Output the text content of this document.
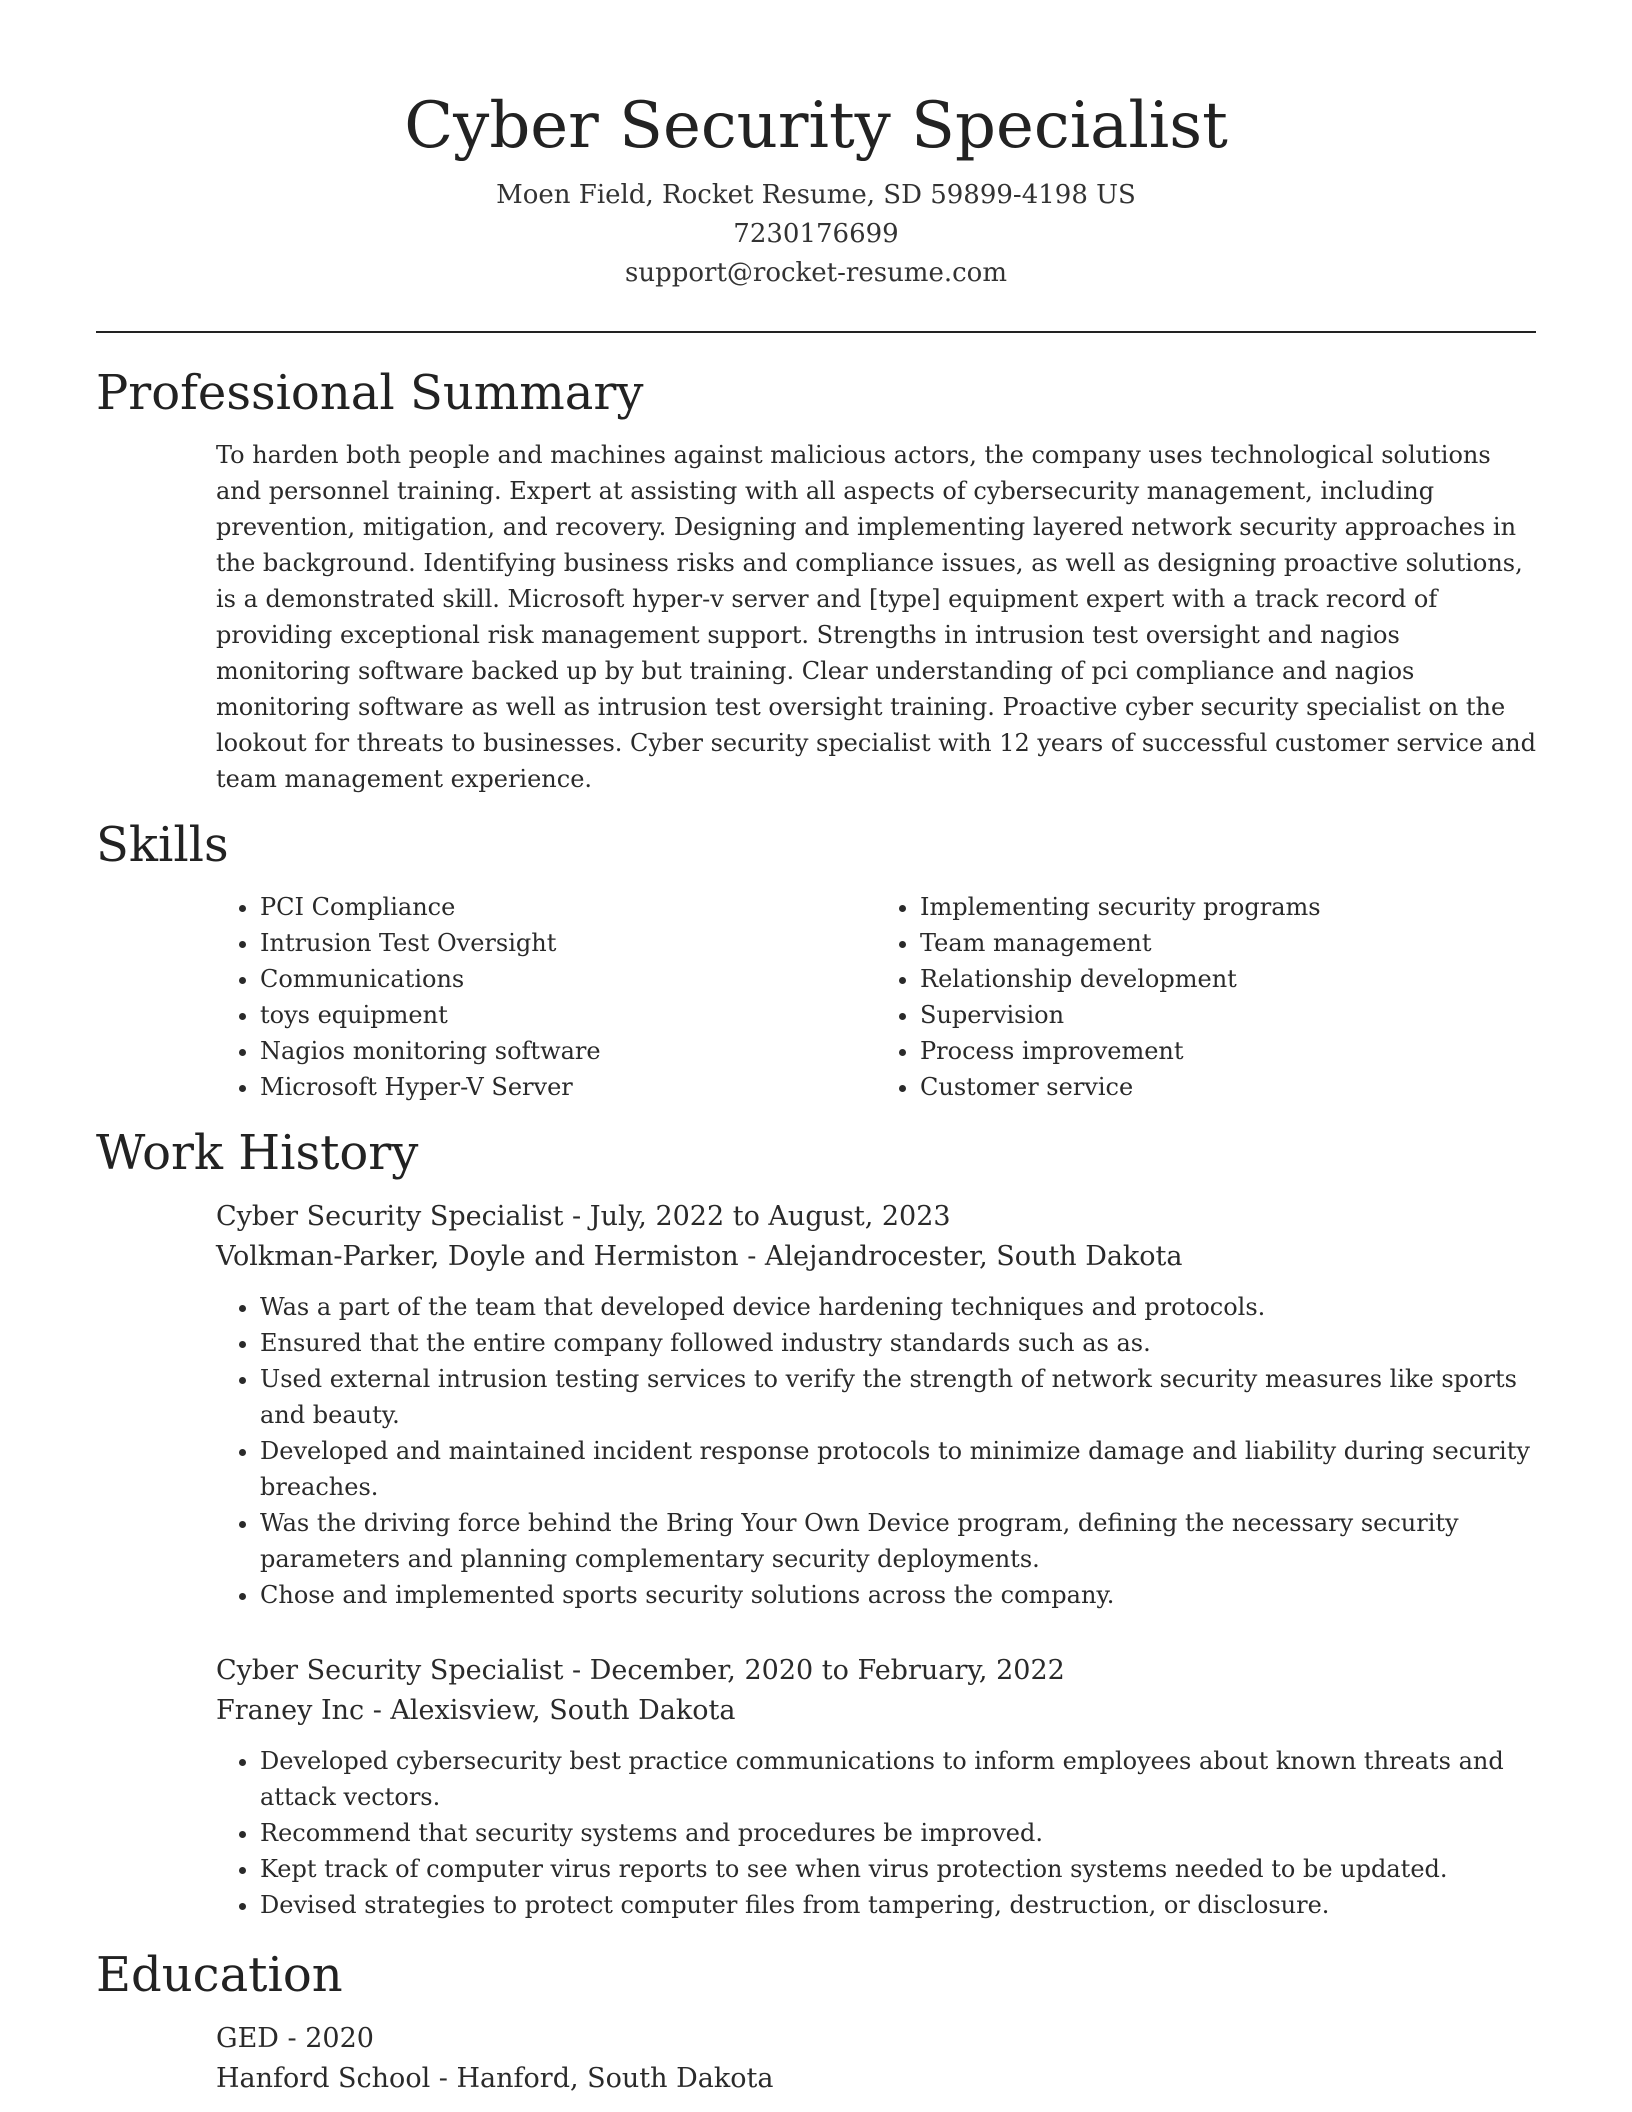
Cyber Security Specialist
Moen Field, Rocket Resume, SD 59899-4198 US
7230176699
support@rocket-resume.com
Professional Summary

To harden both people and machines against malicious actors, the company uses technological solutions and personnel training. Expert at assisting with all aspects of cybersecurity management, including prevention, mitigation, and recovery. Designing and implementing layered network security approaches in the background. Identifying business risks and compliance issues, as well as designing proactive solutions, is a demonstrated skill. Microsoft hyper-v server and [type] equipment expert with a track record of providing exceptional risk management support. Strengths in intrusion test oversight and nagios monitoring software backed up by but training. Clear understanding of pci compliance and nagios monitoring software as well as intrusion test oversight training. Proactive cyber security specialist on the lookout for threats to businesses. Cyber security specialist with 12 years of successful customer service and team management experience.

Skills
• PCI Compliance
• Intrusion Test Oversight
• Communications
• toys equipment
• Nagios monitoring software
• Microsoft Hyper-V Server
• Implementing security programs
• Team management
• Relationship development
• Supervision
• Process improvement
• Customer service
Work History
Cyber Security Specialist - July, 2022 to August, 2023
Volkman-Parker, Doyle and Hermiston - Alejandrocester, South Dakota
• Was a part of the team that developed device hardening techniques and protocols.
• Ensured that the entire company followed industry standards such as as.
• Used external intrusion testing services to verify the strength of network security measures like sports and beauty.
• Developed and maintained incident response protocols to minimize damage and liability during security breaches.
• Was the driving force behind the Bring Your Own Device program, defining the necessary security parameters and planning complementary security deployments.
• Chose and implemented sports security solutions across the company.
Cyber Security Specialist - December, 2020 to February, 2022
Franey Inc - Alexisview, South Dakota
• Developed cybersecurity best practice communications to inform employees about known threats and attack vectors.
• Recommend that security systems and procedures be improved.
• Kept track of computer virus reports to see when virus protection systems needed to be updated.
• Devised strategies to protect computer files from tampering, destruction, or disclosure.
Education
GED - 2020
Hanford School - Hanford, South Dakota
